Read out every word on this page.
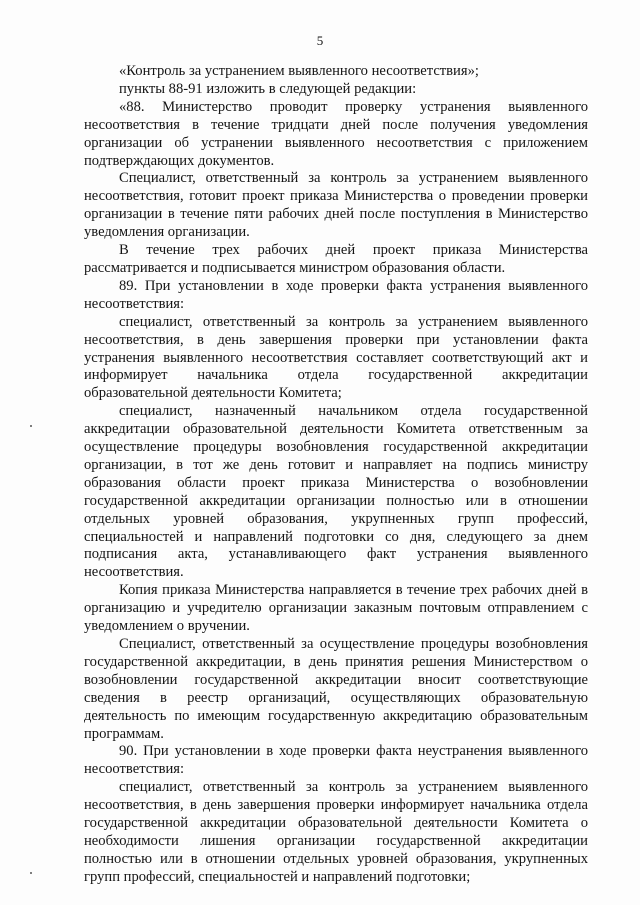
5

«Контроль за устранением выявленного несоответствия»;

пункты 88-91 изложить в следующей редакции:

«88. Министерство проводит проверку устранения выявленного несоответствия в течение тридцати дней после получения уведомления организации об устранении выявленного несоответствия с приложением подтверждающих документов.

Специалист, ответственный за контроль за устранением выявленного несоответствия, готовит проект приказа Министерства о проведении проверки организации в течение пяти рабочих дней после поступления в Министерство уведомления организации.

В течение трех рабочих дней проект приказа Министерства рассматривается и подписывается министром образования области.

89. При установлении в ходе проверки факта устранения выявленного несоответствия:

специалист, ответственный за контроль за устранением выявленного несоответствия, в день завершения проверки при установлении факта устранения выявленного несоответствия составляет соответствующий акт и информирует начальника отдела государственной аккредитации образовательной деятельности Комитета;

специалист, назначенный начальником отдела государственной аккредитации образовательной деятельности Комитета ответственным за осуществление процедуры возобновления государственной аккредитации организации, в тот же день готовит и направляет на подпись министру образования области проект приказа Министерства о возобновлении государственной аккредитации организации полностью или в отношении отдельных уровней образования, укрупненных групп профессий, специальностей и направлений подготовки со дня, следующего за днем подписания акта, устанавливающего факт устранения выявленного несоответствия.

Копия приказа Министерства направляется в течение трех рабочих дней в организацию и учредителю организации заказным почтовым отправлением с уведомлением о вручении.

Специалист, ответственный за осуществление процедуры возобновления государственной аккредитации, в день принятия решения Министерством о возобновлении государственной аккредитации вносит соответствующие сведения в реестр организаций, осуществляющих образовательную деятельность по имеющим государственную аккредитацию образовательным программам.

90. При установлении в ходе проверки факта неустранения выявленного несоответствия:

специалист, ответственный за контроль за устранением выявленного несоответствия, в день завершения проверки информирует начальника отдела государственной аккредитации образовательной деятельности Комитета о необходимости лишения организации государственной аккредитации полностью или в отношении отдельных уровней образования, укрупненных групп профессий, специальностей и направлений подготовки;
